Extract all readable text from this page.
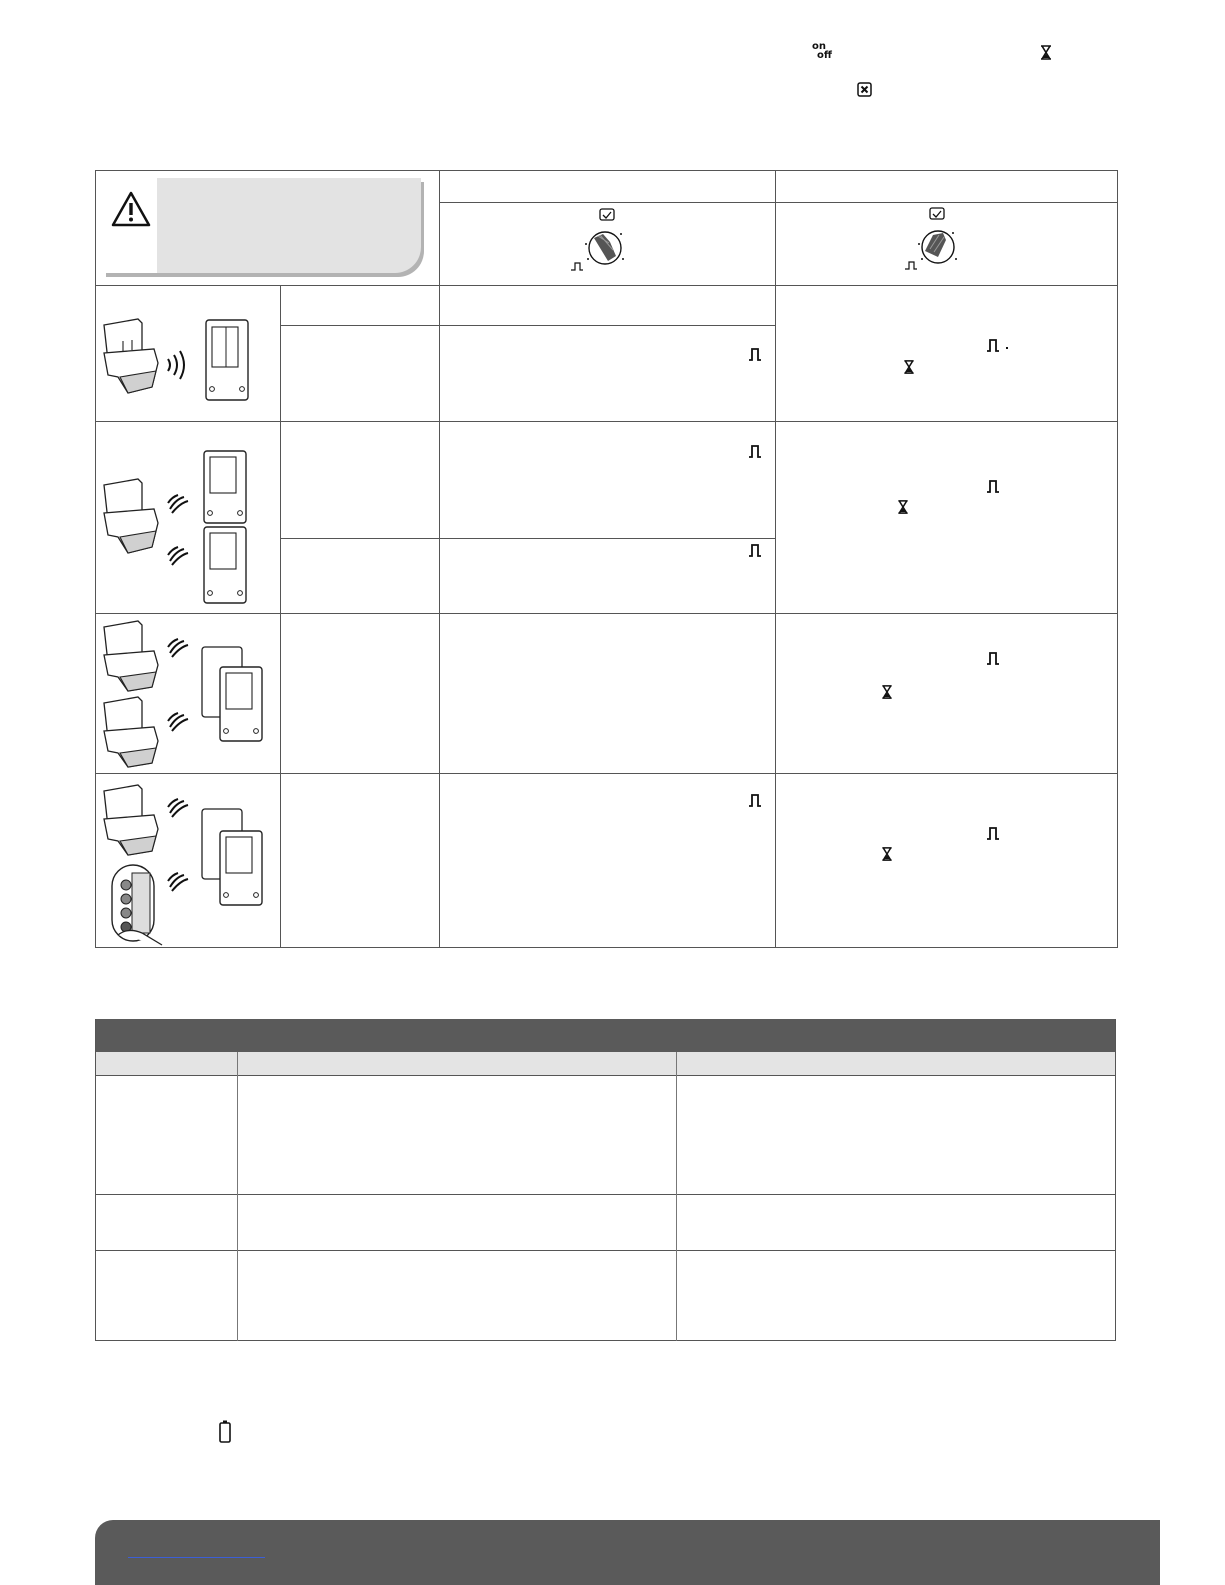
on
off
